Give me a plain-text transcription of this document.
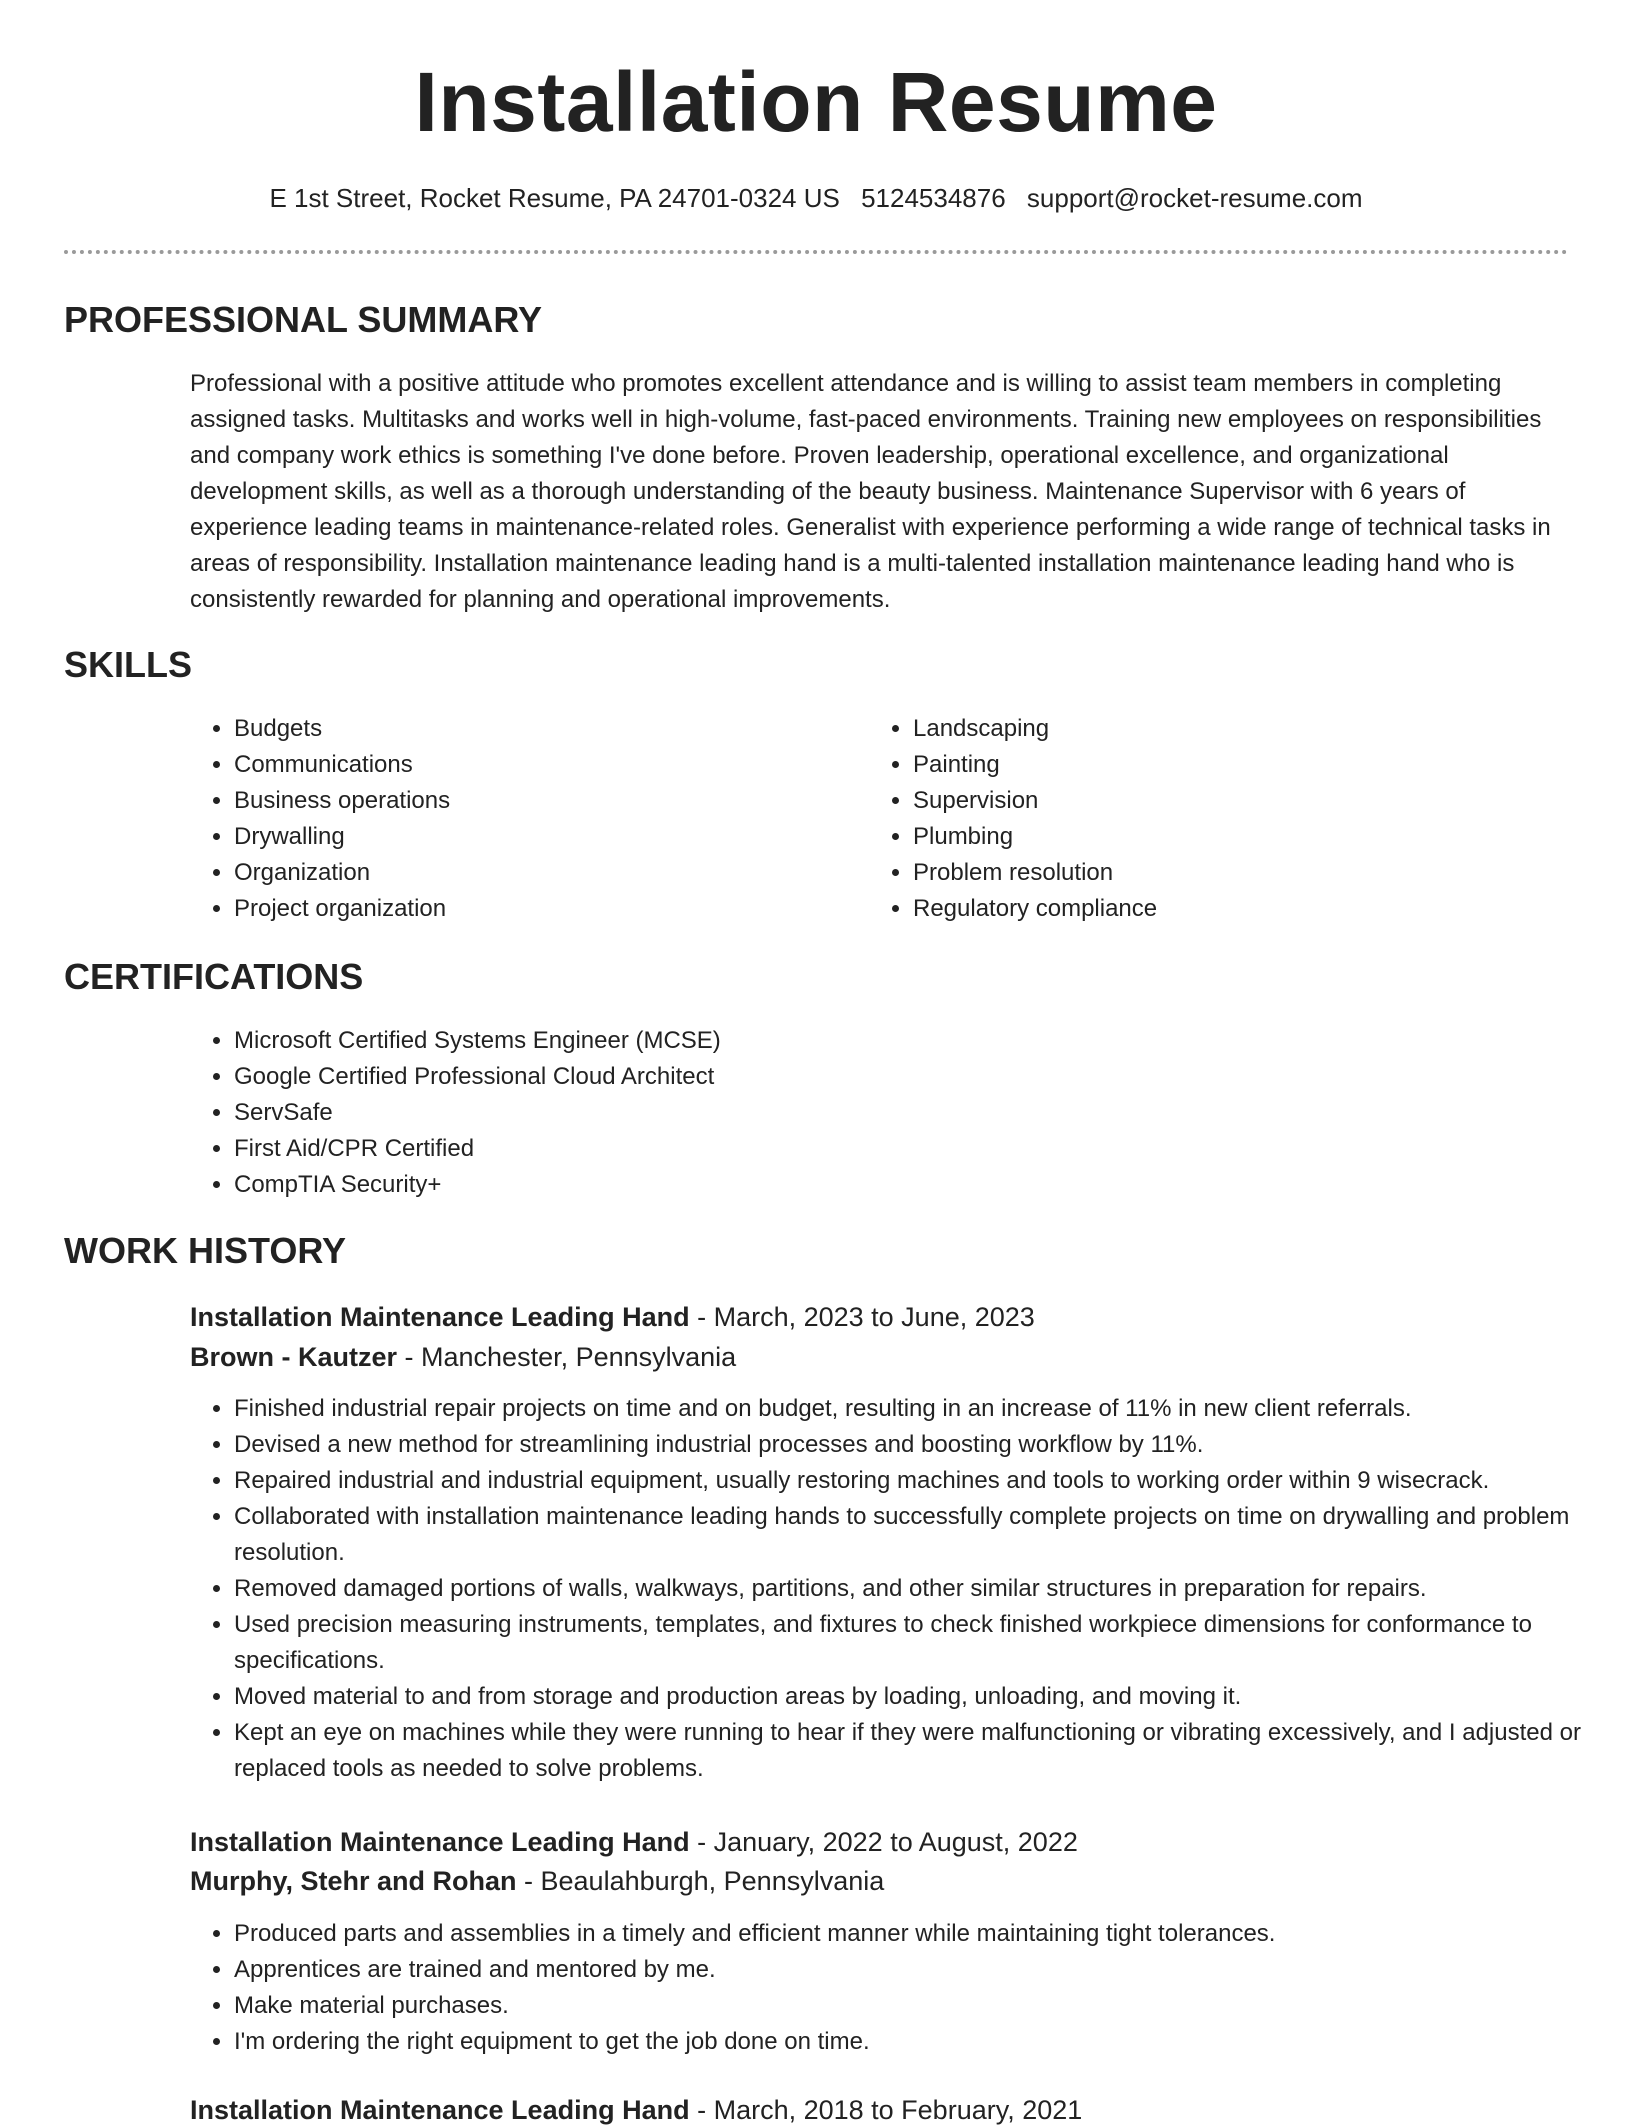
Installation Resume
E 1st Street, Rocket Resume, PA 24701-0324 US 5124534876 support@rocket-resume.com
PROFESSIONAL SUMMARY

Professional with a positive attitude who promotes excellent attendance and is willing to assist team members in completing assigned tasks. Multitasks and works well in high-volume, fast-paced environments. Training new employees on responsibilities and company work ethics is something I've done before. Proven leadership, operational excellence, and organizational development skills, as well as a thorough understanding of the beauty business. Maintenance Supervisor with 6 years of experience leading teams in maintenance-related roles. Generalist with experience performing a wide range of technical tasks in areas of responsibility. Installation maintenance leading hand is a multi-talented installation maintenance leading hand who is consistently rewarded for planning and operational improvements.

SKILLS
• Budgets
• Communications
• Business operations
• Drywalling
• Organization
• Project organization
• Landscaping
• Painting
• Supervision
• Plumbing
• Problem resolution
• Regulatory compliance
CERTIFICATIONS
• Microsoft Certified Systems Engineer (MCSE)
• Google Certified Professional Cloud Architect
• ServSafe
• First Aid/CPR Certified
• CompTIA Security+
WORK HISTORY
Installation Maintenance Leading Hand - March, 2023 to June, 2023
Brown - Kautzer - Manchester, Pennsylvania
• Finished industrial repair projects on time and on budget, resulting in an increase of 11% in new client referrals.
• Devised a new method for streamlining industrial processes and boosting workflow by 11%.
• Repaired industrial and industrial equipment, usually restoring machines and tools to working order within 9 wisecrack.
• Collaborated with installation maintenance leading hands to successfully complete projects on time on drywalling and problem resolution.
• Removed damaged portions of walls, walkways, partitions, and other similar structures in preparation for repairs.
• Used precision measuring instruments, templates, and fixtures to check finished workpiece dimensions for conformance to specifications.
• Moved material to and from storage and production areas by loading, unloading, and moving it.
• Kept an eye on machines while they were running to hear if they were malfunctioning or vibrating excessively, and I adjusted or replaced tools as needed to solve problems.
Installation Maintenance Leading Hand - January, 2022 to August, 2022
Murphy, Stehr and Rohan - Beaulahburgh, Pennsylvania
• Produced parts and assemblies in a timely and efficient manner while maintaining tight tolerances.
• Apprentices are trained and mentored by me.
• Make material purchases.
• I'm ordering the right equipment to get the job done on time.
Installation Maintenance Leading Hand - March, 2018 to February, 2021
